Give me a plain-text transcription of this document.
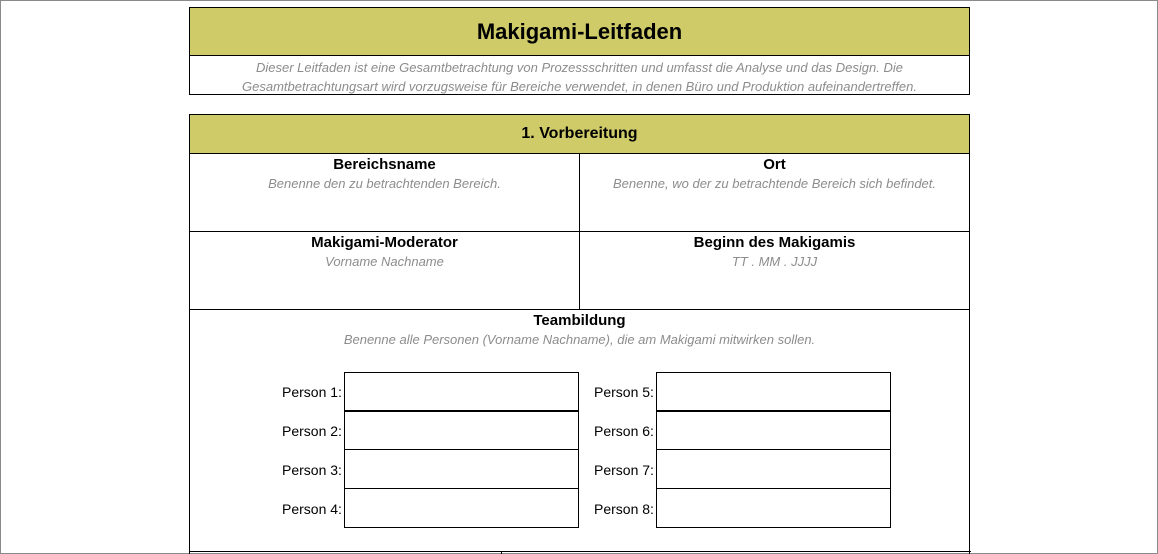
Makigami-Leitfaden
Dieser Leitfaden ist eine Gesamtbetrachtung von Prozessschritten und umfasst die Analyse und das Design. Die
Gesamtbetrachtungsart wird vorzugsweise für Bereiche verwendet, in denen Büro und Produktion aufeinandertreffen.
1. Vorbereitung
Bereichsname
Benenne den zu betrachtenden Bereich.
Ort
Benenne, wo der zu betrachtende Bereich sich befindet.
Makigami-Moderator
Vorname Nachname
Beginn des Makigamis
TT . MM . JJJJ
Teambildung
Benenne alle Personen (Vorname Nachname), die am Makigami mitwirken sollen.
Person 1:
Person 2:
Person 3:
Person 4:
Person 5:
Person 6:
Person 7:
Person 8:
